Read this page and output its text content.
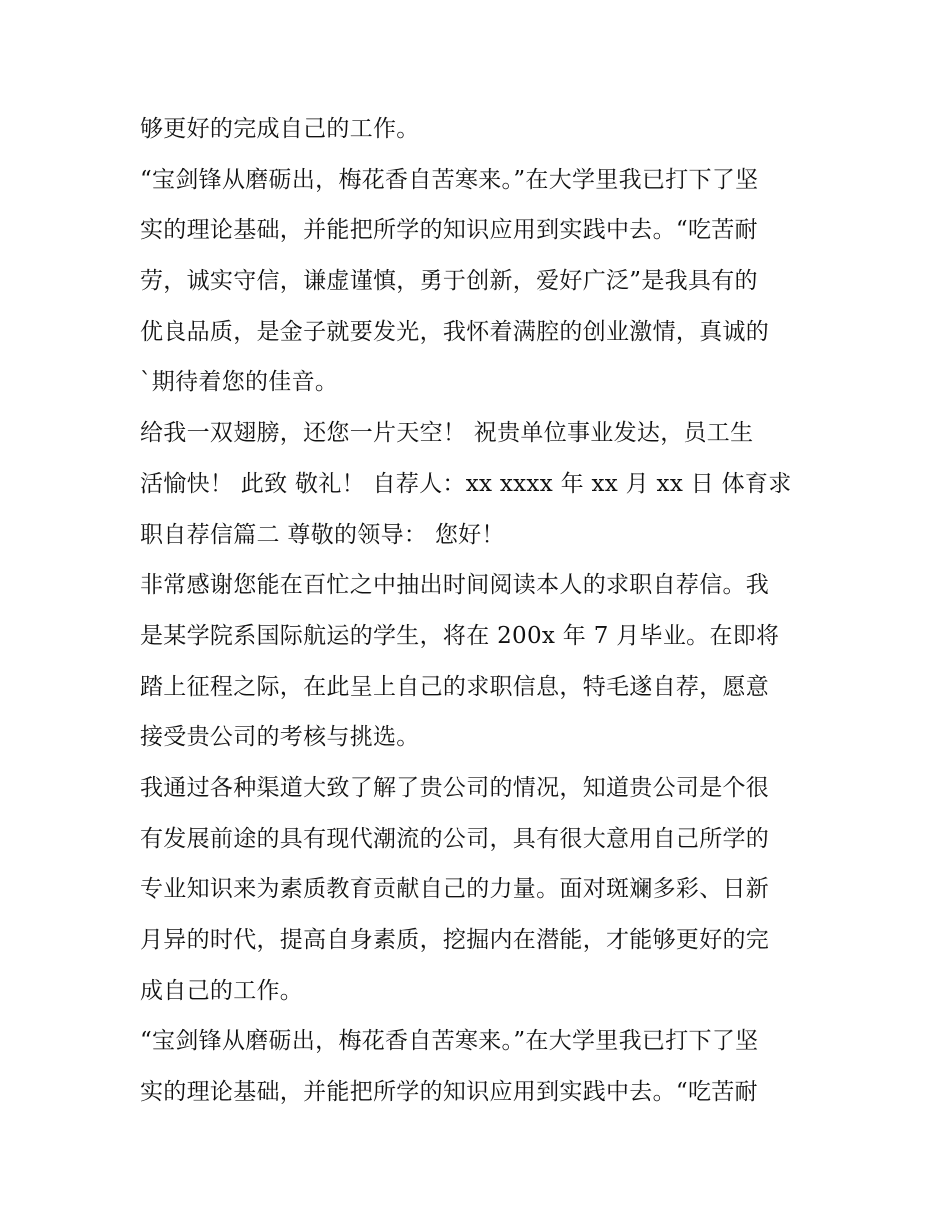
够更好的完成自己的工作。
“宝剑锋从磨砺出，梅花香自苦寒来。”在大学里我已打下了坚
实的理论基础，并能把所学的知识应用到实践中去。“吃苦耐
劳，诚实守信，谦虚谨慎，勇于创新，爱好广泛”是我具有的
优良品质，是金子就要发光，我怀着满腔的创业激情，真诚的
`期待着您的佳音。
给我一双翅膀，还您一片天空！ 祝贵单位事业发达，员工生
活愉快！ 此致 敬礼！ 自荐人：xx xxxx 年 xx 月 xx 日 体育求
职自荐信篇二 尊敬的领导： 您好！
非常感谢您能在百忙之中抽出时间阅读本人的求职自荐信。我
是某学院系国际航运的学生，将在 200x 年 7 月毕业。在即将
踏上征程之际，在此呈上自己的求职信息，特毛遂自荐，愿意
接受贵公司的考核与挑选。
我通过各种渠道大致了解了贵公司的情况，知道贵公司是个很
有发展前途的具有现代潮流的公司，具有很大意用自己所学的
专业知识来为素质教育贡献自己的力量。面对斑斓多彩、日新
月异的时代，提高自身素质，挖掘内在潜能，才能够更好的完
成自己的工作。
“宝剑锋从磨砺出，梅花香自苦寒来。”在大学里我已打下了坚
实的理论基础，并能把所学的知识应用到实践中去。“吃苦耐
